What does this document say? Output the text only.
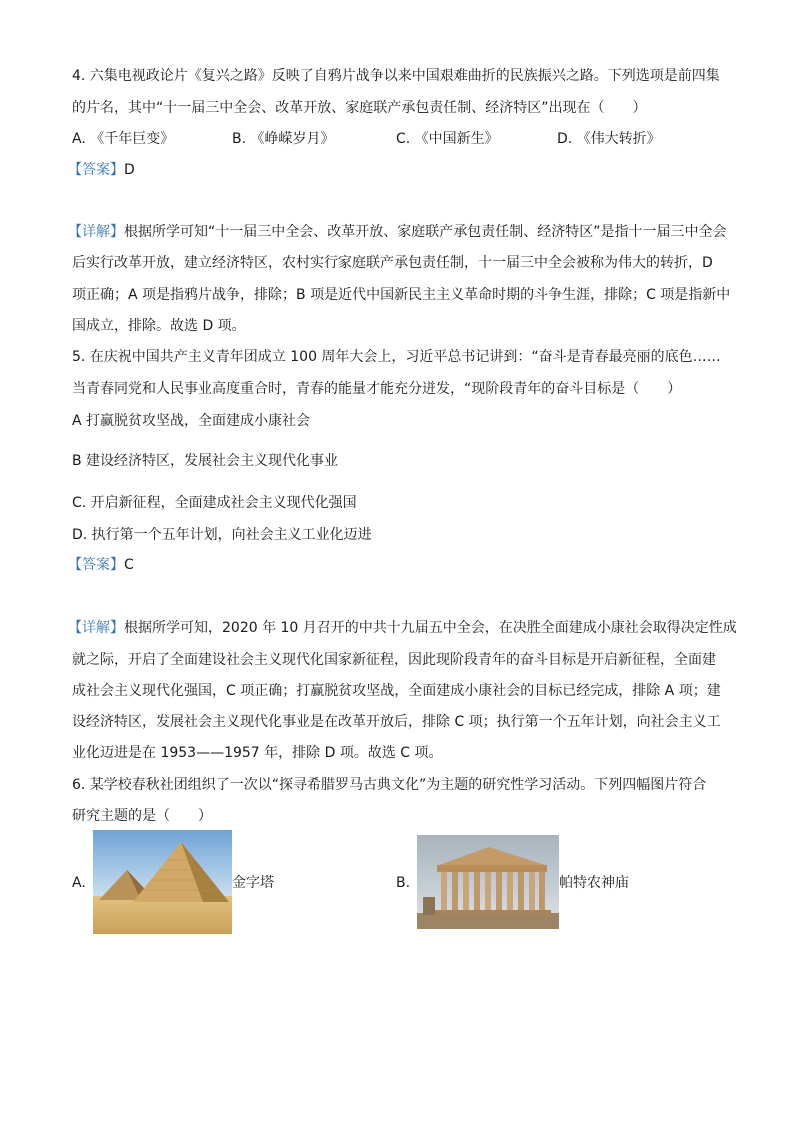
4. 六集电视政论片《复兴之路》反映了自鸦片战争以来中国艰难曲折的民族振兴之路。下列选项是前四集
的片名，其中“十一届三中全会、改革开放、家庭联产承包责任制、经济特区”出现在（　　）
A. 《千年巨变》	B. 《峥嵘岁月》	C. 《中国新生》	D. 《伟大转折》
【答案】D
【详解】根据所学可知“十一届三中全会、改革开放、家庭联产承包责任制、经济特区”是指十一届三中全会
后实行改革开放，建立经济特区，农村实行家庭联产承包责任制，十一届三中全会被称为伟大的转折，D
项正确；A 项是指鸦片战争，排除；B 项是近代中国新民主主义革命时期的斗争生涯，排除；C 项是指新中
国成立，排除。故选 D 项。
5. 在庆祝中国共产主义青年团成立 100 周年大会上，习近平总书记讲到：“奋斗是青春最亮丽的底色……
当青春同党和人民事业高度重合时，青春的能量才能充分迸发，“现阶段青年的奋斗目标是（　　）
A 打赢脱贫攻坚战，全面建成小康社会
B 建设经济特区，发展社会主义现代化事业
C. 开启新征程，全面建成社会主义现代化强国
D. 执行第一个五年计划，向社会主义工业化迈进
【答案】C
【详解】根据所学可知，2020 年 10 月召开的中共十九届五中全会，在决胜全面建成小康社会取得决定性成
就之际，开启了全面建设社会主义现代化国家新征程，因此现阶段青年的奋斗目标是开启新征程，全面建
成社会主义现代化强国，C 项正确；打赢脱贫攻坚战，全面建成小康社会的目标已经完成，排除 A 项；建
设经济特区，发展社会主义现代化事业是在改革开放后，排除 C 项；执行第一个五年计划，向社会主义工
业化迈进是在 1953——1957 年，排除 D 项。故选 C 项。
6. 某学校春秋社团组织了一次以“探寻希腊罗马古典文化”为主题的研究性学习活动。下列四幅图片符合
研究主题的是（　　）
A.	金字塔	B.	帕特农神庙
